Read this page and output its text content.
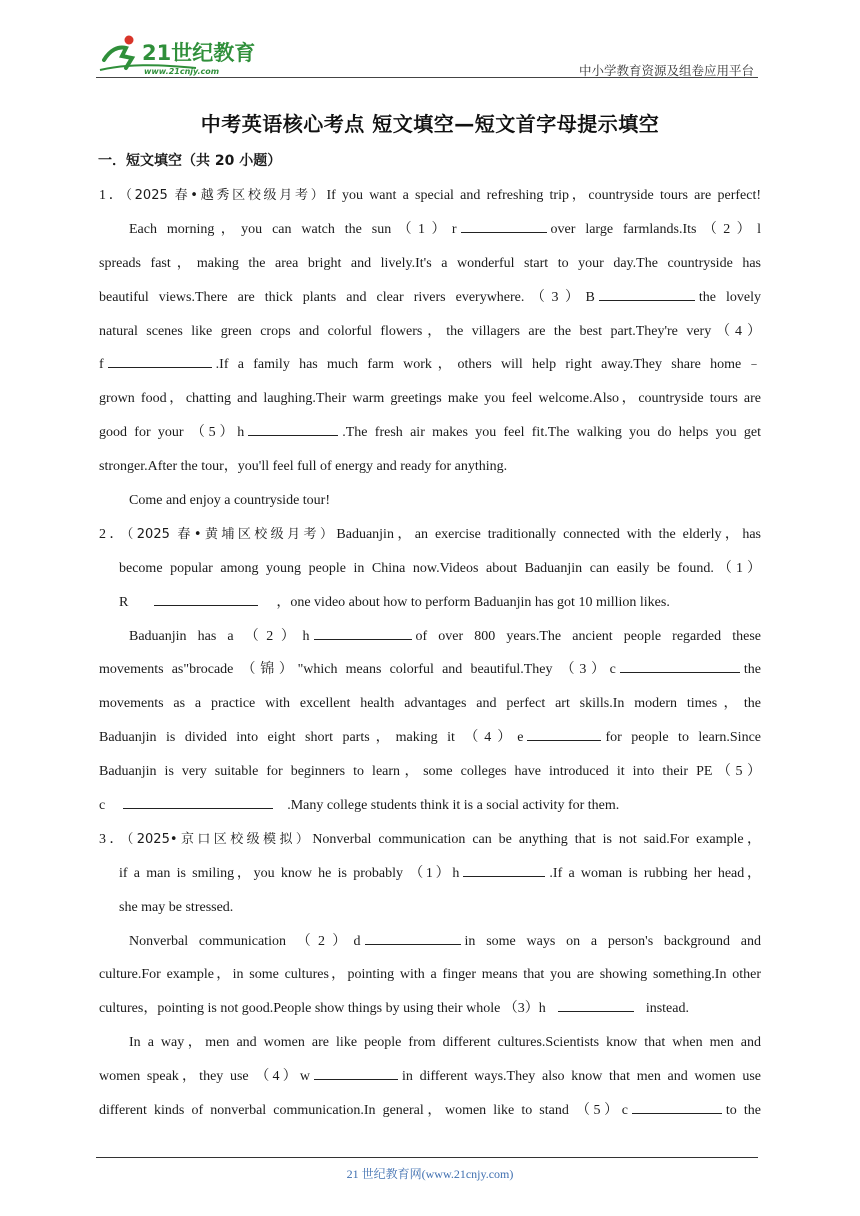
21世纪教育
www.21cnjy.com	中小学教育资源及组卷应用平台
中考英语核心考点 短文填空—短文首字母提示填空
一．短文填空（共 20 小题）
1．（2025 春•越秀区校级月考）If you want a special and refreshing trip，countryside tours are perfect!
Each morning，you can watch the sun（1）r	over large farmlands.Its（2）l
spreads fast，making the area bright and lively.It's a wonderful start to your day.The countryside has
beautiful views.There are thick plants and clear rivers everywhere.（3）B	the lovely
natural scenes like green crops and colorful flowers，the villagers are the best part.They're very（4）
f	.If a family has much farm work，others will help right away.They share home﹣
grown food，chatting and laughing.Their warm greetings make you feel welcome.Also，countryside tours are
good for your （5）h	.The fresh air makes you feel fit.The walking you do helps you get
stronger.After the tour，you'll feel full of energy and ready for anything.
Come and enjoy a countryside tour!
2．（2025 春•黄埔区校级月考）Baduanjin，an exercise traditionally connected with the elderly，has
become popular among young people in China now.Videos about Baduanjin can easily be found.（1）
R	，one video about how to perform Baduanjin has got 10 million likes.
Baduanjin has a （2）h	of over 800 years.The ancient people regarded these
movements as"brocade （锦）"which means colorful and beautiful.They （3）c	the
movements as a practice with excellent health advantages and perfect art skills.In modern times，the
Baduanjin is divided into eight short parts，making it （4）e	for people to learn.Since
Baduanjin is very suitable for beginners to learn，some colleges have introduced it into their PE（5）
c	.Many college students think it is a social activity for them.
3．（2025•京口区校级模拟）Nonverbal communication can be anything that is not said.For example，
if a man is smiling，you know he is probably （1）h	.If a woman is rubbing her head，
she may be stressed.
Nonverbal communication （2）d	in some ways on a person's background and
culture.For example，in some cultures，pointing with a finger means that you are showing something.In other
cultures，pointing is not good.People show things by using their whole （3）h	instead.
In a way，men and women are like people from different cultures.Scientists know that when men and
women speak，they use （4）w	in different ways.They also know that men and women use
different kinds of nonverbal communication.In general，women like to stand （5）c	to the
21 世纪教育网(www.21cnjy.com)
